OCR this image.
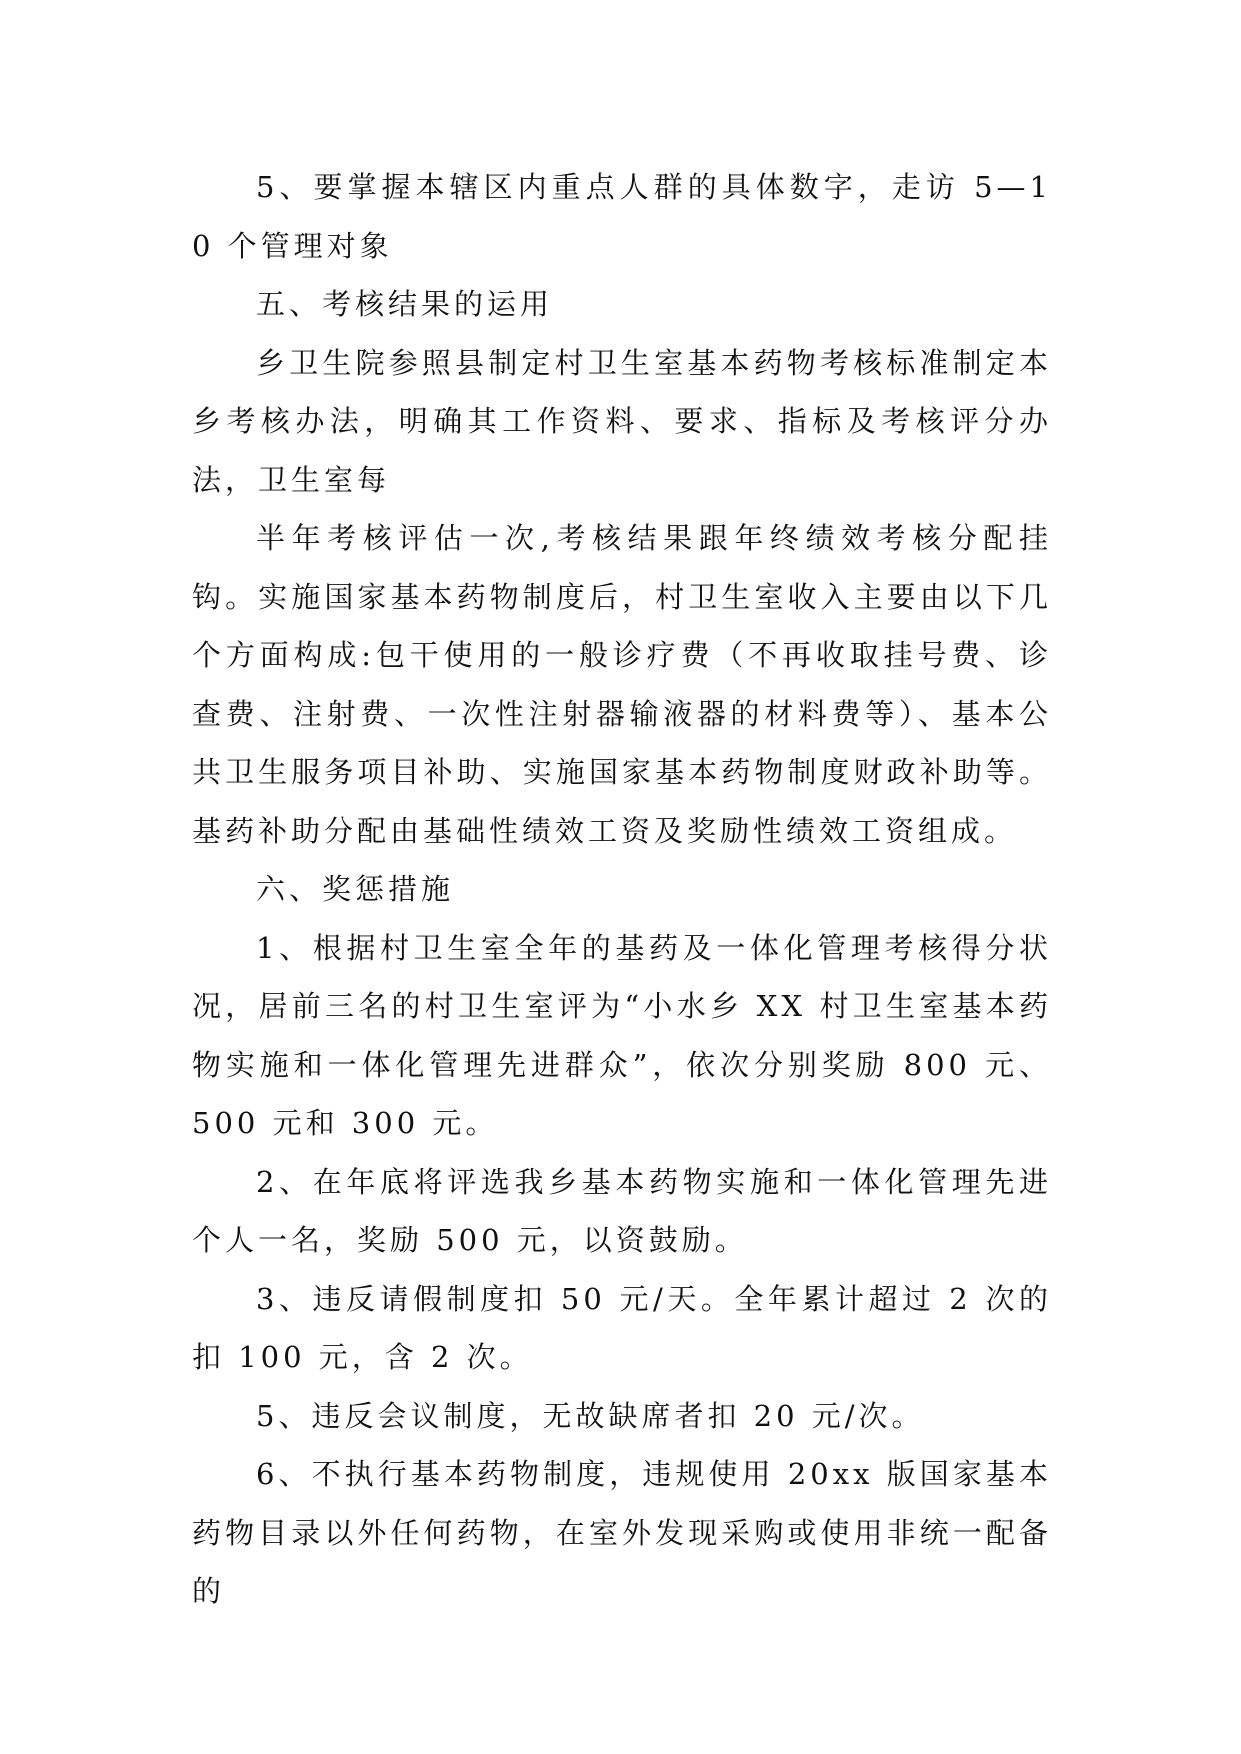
5、要掌握本辖区内重点人群的具体数字，走访 5—10 个管理对象

五、考核结果的运用

乡卫生院参照县制定村卫生室基本药物考核标准制定本乡考核办法，明确其工作资料、要求、指标及考核评分办法，卫生室每

半年考核评估一次,考核结果跟年终绩效考核分配挂钩。实施国家基本药物制度后，村卫生室收入主要由以下几个方面构成:包干使用的一般诊疗费（不再收取挂号费、诊查费、注射费、一次性注射器输液器的材料费等）、基本公共卫生服务项目补助、实施国家基本药物制度财政补助等。基药补助分配由基础性绩效工资及奖励性绩效工资组成。

六、奖惩措施

1、根据村卫生室全年的基药及一体化管理考核得分状况，居前三名的村卫生室评为“小水乡 XX 村卫生室基本药物实施和一体化管理先进群众”，依次分别奖励 800 元、500 元和 300 元。

2、在年底将评选我乡基本药物实施和一体化管理先进个人一名，奖励 500 元，以资鼓励。

3、违反请假制度扣 50 元/天。全年累计超过 2 次的扣 100 元，含 2 次。

5、违反会议制度，无故缺席者扣 20 元/次。

6、不执行基本药物制度，违规使用 20xx 版国家基本药物目录以外任何药物，在室外发现采购或使用非统一配备的
